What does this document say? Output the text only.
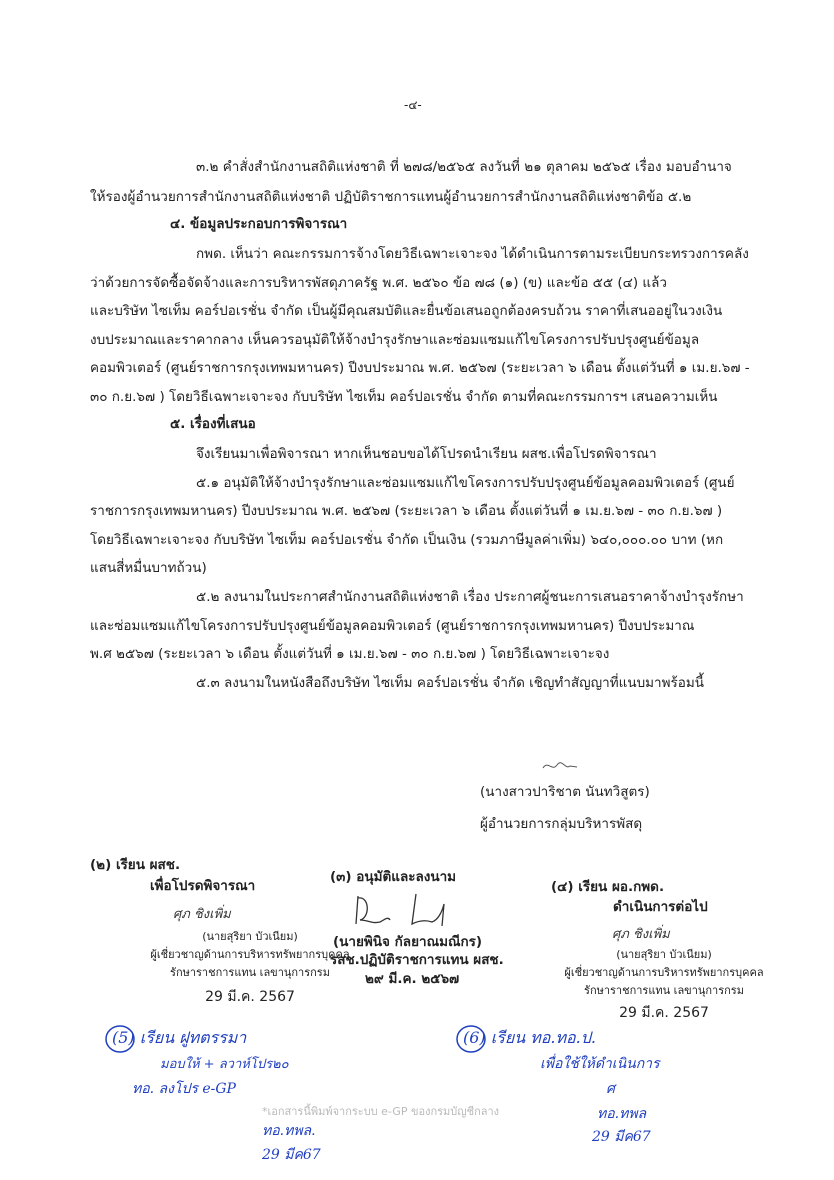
-๔-
๓.๒ คำสั่งสำนักงานสถิติแห่งชาติ ที่ ๒๗๘/๒๕๖๕ ลงวันที่ ๒๑ ตุลาคม ๒๕๖๕ เรื่อง มอบอำนาจ
ให้รองผู้อำนวยการสำนักงานสถิติแห่งชาติ ปฏิบัติราชการแทนผู้อำนวยการสำนักงานสถิติแห่งชาติข้อ ๕.๒
๔. ข้อมูลประกอบการพิจารณา
กพด. เห็นว่า คณะกรรมการจ้างโดยวิธีเฉพาะเจาะจง ได้ดำเนินการตามระเบียบกระทรวงการคลัง
ว่าด้วยการจัดซื้อจัดจ้างและการบริหารพัสดุภาครัฐ พ.ศ. ๒๕๖๐ ข้อ ๗๘ (๑) (ข) และข้อ ๕๕ (๔) แล้ว
และบริษัท ไซเท็ม คอร์ปอเรชั่น จำกัด เป็นผู้มีคุณสมบัติและยื่นข้อเสนอถูกต้องครบถ้วน ราคาที่เสนออยู่ในวงเงิน
งบประมาณและราคากลาง เห็นควรอนุมัติให้จ้างบำรุงรักษาและซ่อมแซมแก้ไขโครงการปรับปรุงศูนย์ข้อมูล
คอมพิวเตอร์ (ศูนย์ราชการกรุงเทพมหานคร) ปีงบประมาณ พ.ศ. ๒๕๖๗ (ระยะเวลา ๖ เดือน ตั้งแต่วันที่ ๑ เม.ย.๖๗ -
๓๐ ก.ย.๖๗ ) โดยวิธีเฉพาะเจาะจง กับบริษัท ไซเท็ม คอร์ปอเรชั่น จำกัด ตามที่คณะกรรมการฯ เสนอความเห็น
๕. เรื่องที่เสนอ
จึงเรียนมาเพื่อพิจารณา หากเห็นชอบขอได้โปรดนำเรียน ผสช.เพื่อโปรดพิจารณา
๕.๑ อนุมัติให้จ้างบำรุงรักษาและซ่อมแซมแก้ไขโครงการปรับปรุงศูนย์ข้อมูลคอมพิวเตอร์ (ศูนย์
ราชการกรุงเทพมหานคร) ปีงบประมาณ พ.ศ. ๒๕๖๗ (ระยะเวลา ๖ เดือน ตั้งแต่วันที่ ๑ เม.ย.๖๗ - ๓๐ ก.ย.๖๗ )
โดยวิธีเฉพาะเจาะจง กับบริษัท ไซเท็ม คอร์ปอเรชั่น จำกัด เป็นเงิน (รวมภาษีมูลค่าเพิ่ม) ๖๔๐,๐๐๐.๐๐ บาท (หก
แสนสี่หมื่นบาทถ้วน)
๕.๒ ลงนามในประกาศสำนักงานสถิติแห่งชาติ เรื่อง ประกาศผู้ชนะการเสนอราคาจ้างบำรุงรักษา
และซ่อมแซมแก้ไขโครงการปรับปรุงศูนย์ข้อมูลคอมพิวเตอร์ (ศูนย์ราชการกรุงเทพมหานคร) ปีงบประมาณ
พ.ศ ๒๕๖๗ (ระยะเวลา ๖ เดือน ตั้งแต่วันที่ ๑ เม.ย.๖๗ - ๓๐ ก.ย.๖๗ ) โดยวิธีเฉพาะเจาะจง
๕.๓ ลงนามในหนังสือถึงบริษัท ไซเท็ม คอร์ปอเรชั่น จำกัด เชิญทำสัญญาที่แนบมาพร้อมนี้
(นางสาวปาริชาต นันทวิสูตร)
ผู้อำนวยการกลุ่มบริหารพัสดุ
(๒) เรียน ผสช.
เพื่อโปรดพิจารณา
ศุภ ชิงเพิ่ม
(นายสุริยา บัวเนียม)
ผู้เชี่ยวชาญด้านการบริหารทรัพยากรบุคคล
รักษาราชการแทน เลขานุการกรม
29 มี.ค. 2567
(๓) อนุมัติและลงนาม
(นายพินิจ กัลยาณมณีกร)
รสช.ปฏิบัติราชการแทน ผสช.
๒๙ มี.ค. ๒๕๖๗
(๔) เรียน ผอ.กพด.
ดำเนินการต่อไป
ศุภ ชิงเพิ่ม
(นายสุริยา บัวเนียม)
ผู้เชี่ยวชาญด้านการบริหารทรัพยากรบุคคล
รักษาราชการแทน เลขานุการกรม
29 มี.ค. 2567
(5) เรียน ฝูทตรรมา
มอบให้ + ลวาห์โปร๒๐
ทอ. ลงโปร e-GP
ทอ.ทพล.
29 มีค67
(6) เรียน ทอ.ทอ.ป.
เพื่อใช้ให้ดำเนินการ
ศ
ทอ.ทพล
29 มีค67
*เอกสารนี้พิมพ์จากระบบ e-GP ของกรมบัญชีกลาง
